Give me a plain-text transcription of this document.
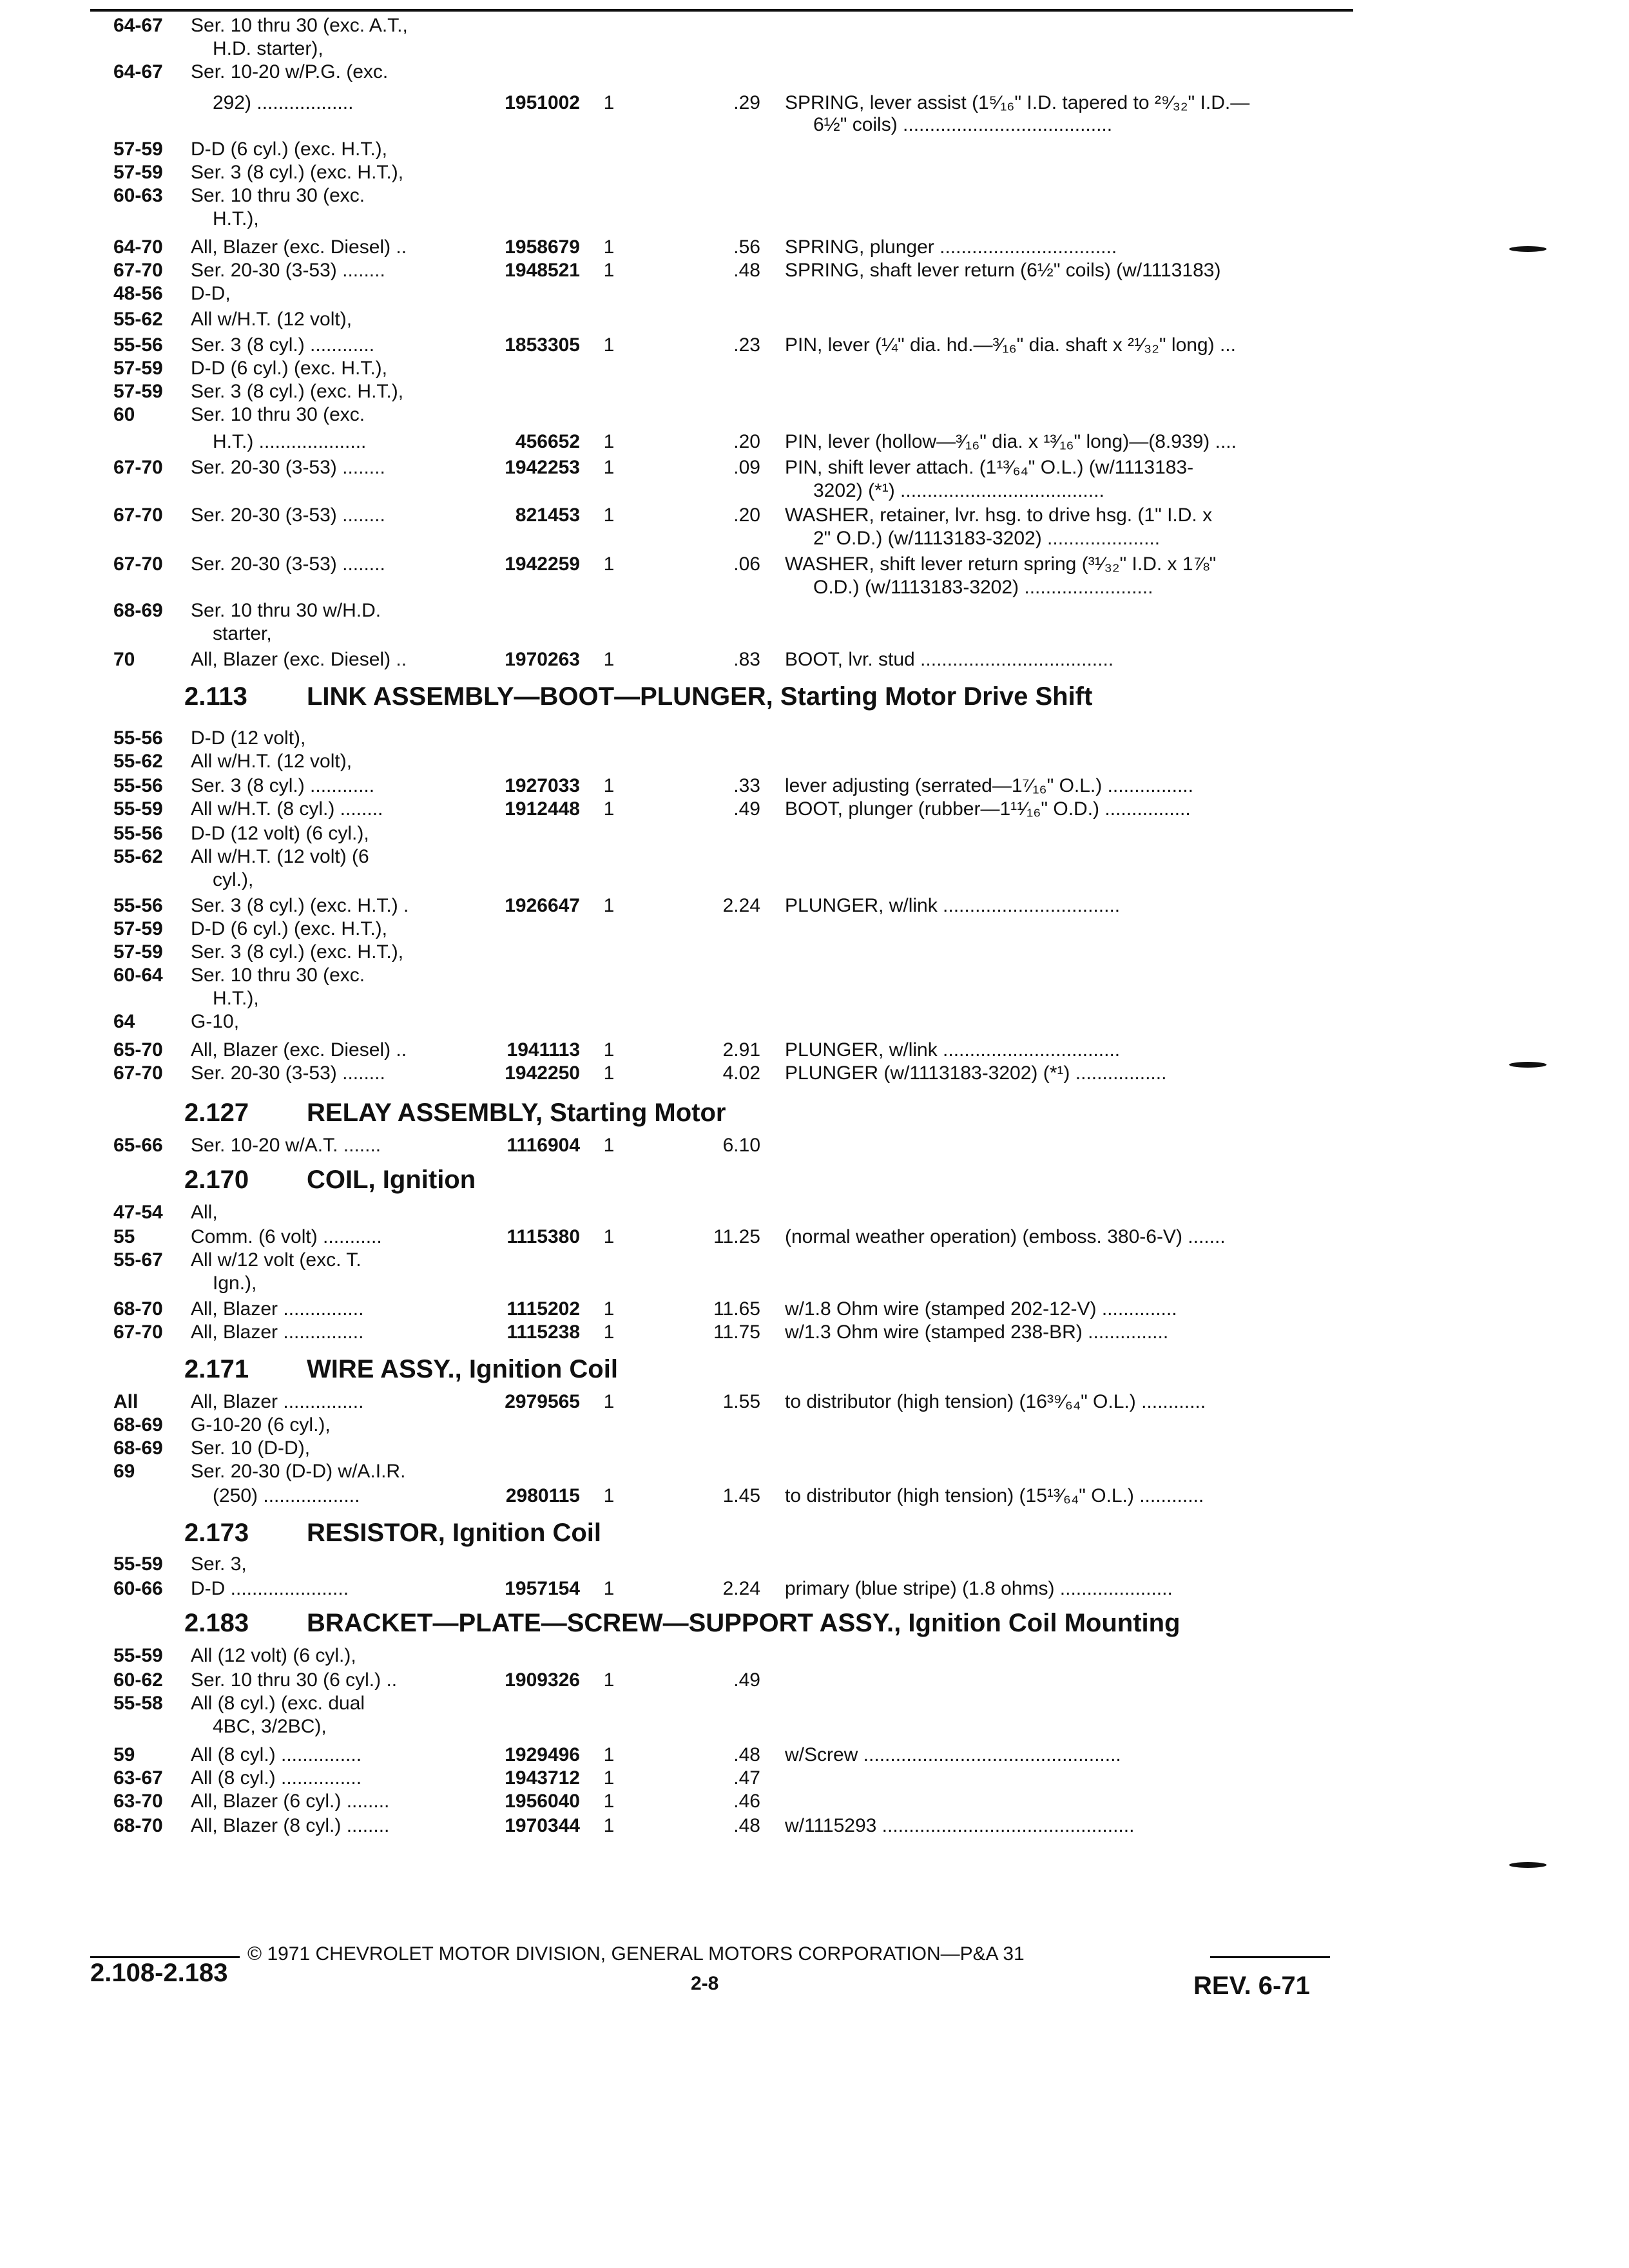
64-67 Ser. 10 thru 30 (exc. A.T.,
H.D. starter),
64-67 Ser. 10-20 w/P.G. (exc.
292) ..................	1951002 1	.29 SPRING, lever assist (1⁵⁄₁₆" I.D. tapered to ²⁹⁄₃₂" I.D.—
6½" coils) .......................................
57-59 D-D (6 cyl.) (exc. H.T.),
57-59 Ser. 3 (8 cyl.) (exc. H.T.),
60-63 Ser. 10 thru 30 (exc.
H.T.),
64-70 All, Blazer (exc. Diesel) ..	1958679 1	.56 SPRING, plunger .................................
67-70 Ser. 20-30 (3-53) ........	1948521 1	.48 SPRING, shaft lever return (6½" coils) (w/1113183)
48-56 D-D,
55-62 All w/H.T. (12 volt),
55-56 Ser. 3 (8 cyl.) ............	1853305 1	.23 PIN, lever (¼" dia. hd.—³⁄₁₆" dia. shaft x ²¹⁄₃₂" long) ...
57-59 D-D (6 cyl.) (exc. H.T.),
57-59 Ser. 3 (8 cyl.) (exc. H.T.),
60	Ser. 10 thru 30 (exc.
H.T.) ....................	456652 1	.20 PIN, lever (hollow—³⁄₁₆" dia. x ¹³⁄₁₆" long)—(8.939) ....
67-70 Ser. 20-30 (3-53) ........	1942253 1	.09 PIN, shift lever attach. (1¹³⁄₆₄" O.L.) (w/1113183-
3202) (*¹) ......................................
67-70 Ser. 20-30 (3-53) ........	821453 1	.20 WASHER, retainer, lvr. hsg. to drive hsg. (1" I.D. x
2" O.D.) (w/1113183-3202) .....................
67-70 Ser. 20-30 (3-53) ........	1942259 1	.06 WASHER, shift lever return spring (³¹⁄₃₂" I.D. x 1⅞"
O.D.) (w/1113183-3202) ........................
68-69 Ser. 10 thru 30 w/H.D.
starter,
70	All, Blazer (exc. Diesel) ..	1970263 1	.83 BOOT, lvr. stud ....................................
55-56 D-D (12 volt),
55-62 All w/H.T. (12 volt),
55-56 Ser. 3 (8 cyl.) ............	1927033 1	.33 lever adjusting (serrated—1⁷⁄₁₆" O.L.) ................
55-59 All w/H.T. (8 cyl.) ........	1912448 1	.49 BOOT, plunger (rubber—1¹¹⁄₁₆" O.D.) ................
55-56 D-D (12 volt) (6 cyl.),
55-62 All w/H.T. (12 volt) (6
cyl.),
55-56 Ser. 3 (8 cyl.) (exc. H.T.) .	1926647 1	2.24 PLUNGER, w/link .................................
57-59 D-D (6 cyl.) (exc. H.T.),
57-59 Ser. 3 (8 cyl.) (exc. H.T.),
60-64 Ser. 10 thru 30 (exc.
H.T.),
64	G-10,
65-70 All, Blazer (exc. Diesel) ..	1941113 1	2.91 PLUNGER, w/link .................................
67-70 Ser. 20-30 (3-53) ........	1942250 1	4.02 PLUNGER (w/1113183-3202) (*¹) .................
65-66 Ser. 10-20 w/A.T. .......	1116904 1	6.10
47-54 All,
55	Comm. (6 volt) ...........	1115380 1	11.25 (normal weather operation) (emboss. 380-6-V) .......
55-67 All w/12 volt (exc. T.
Ign.),
68-70 All, Blazer ...............	1115202 1	11.65 w/1.8 Ohm wire (stamped 202-12-V) ..............
67-70 All, Blazer ...............	1115238 1	11.75 w/1.3 Ohm wire (stamped 238-BR) ...............
All	All, Blazer ...............	2979565 1	1.55 to distributor (high tension) (16³⁹⁄₆₄" O.L.) ............
68-69 G-10-20 (6 cyl.),
68-69 Ser. 10 (D-D),
69	Ser. 20-30 (D-D) w/A.I.R.
(250) ..................	2980115 1	1.45 to distributor (high tension) (15¹³⁄₆₄" O.L.) ............
55-59 Ser. 3,
60-66 D-D ......................	1957154 1	2.24 primary (blue stripe) (1.8 ohms) .....................
55-59 All (12 volt) (6 cyl.),
60-62 Ser. 10 thru 30 (6 cyl.) ..	1909326 1	.49
55-58 All (8 cyl.) (exc. dual
4BC, 3/2BC),
59	All (8 cyl.) ...............	1929496 1	.48 w/Screw ................................................
63-67 All (8 cyl.) ...............	1943712 1	.47
63-70 All, Blazer (6 cyl.) ........	1956040 1	.46
68-70 All, Blazer (8 cyl.) ........	1970344 1	.48 w/1115293 ...............................................
2.113 LINK ASSEMBLY—BOOT—PLUNGER, Starting Motor Drive Shift
2.127 RELAY ASSEMBLY, Starting Motor
2.170 COIL, Ignition
2.171 WIRE ASSY., Ignition Coil
2.173 RESISTOR, Ignition Coil
2.183 BRACKET—PLATE—SCREW—SUPPORT ASSY., Ignition Coil Mounting
© 1971 CHEVROLET MOTOR DIVISION, GENERAL MOTORS CORPORATION—P&A 31
2.108-2.183	2-8	REV. 6-71
